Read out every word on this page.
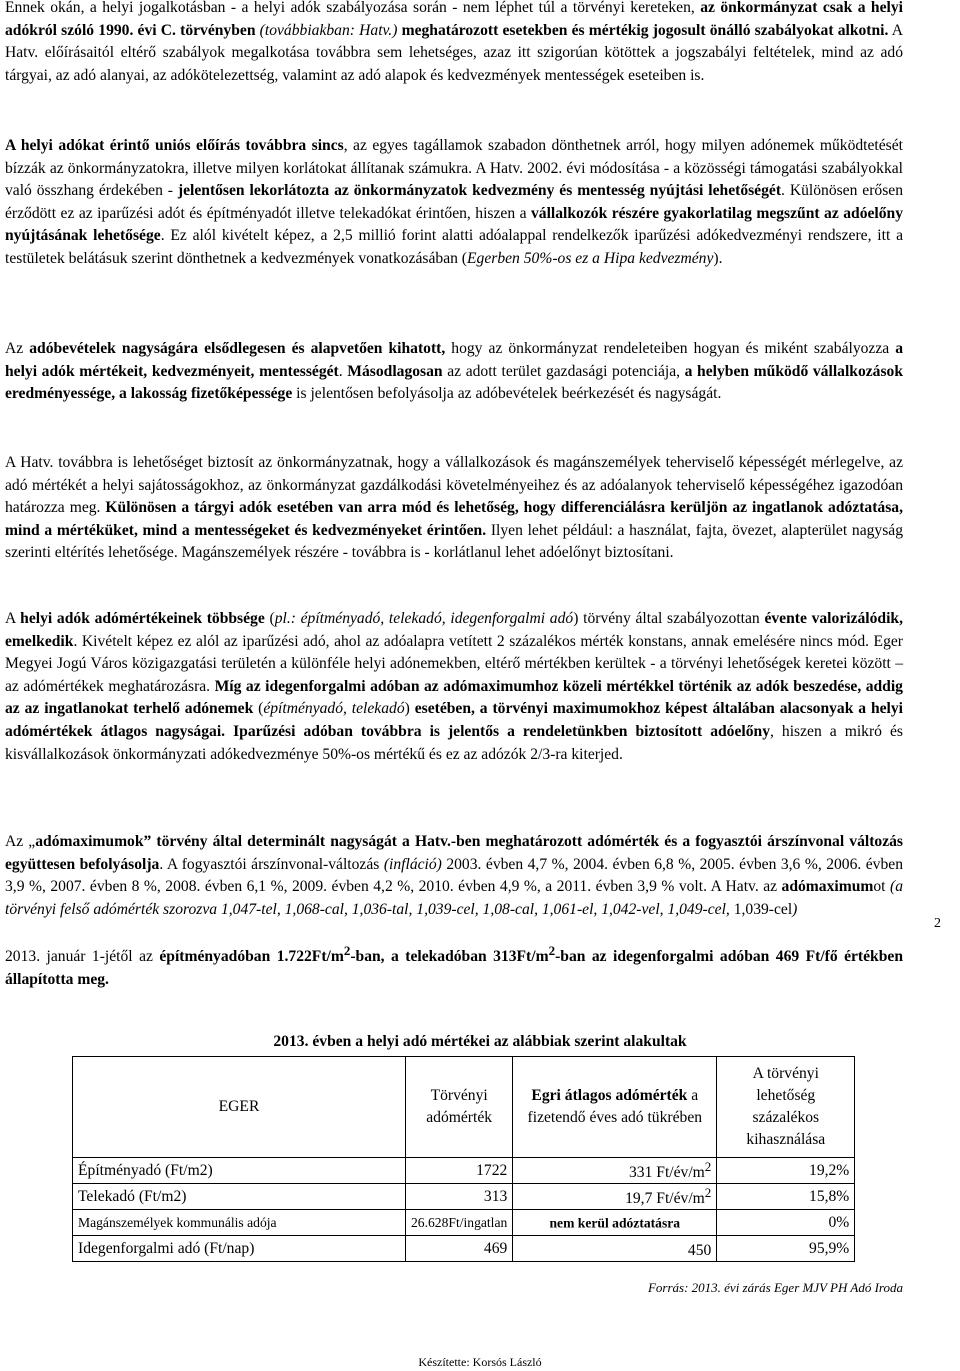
Ennek okán, a helyi jogalkotásban - a helyi adók szabályozása során - nem léphet túl a törvényi kereteken, az önkormányzat csak a helyi adókról szóló 1990. évi C. törvényben (továbbiakban: Hatv.) meghatározott esetekben és mértékig jogosult önálló szabályokat alkotni. A Hatv. előírásaitól eltérő szabályok megalkotása továbbra sem lehetséges, azaz itt szigorúan kötöttek a jogszabályi feltételek, mind az adó tárgyai, az adó alanyai, az adókötelezettség, valamint az adó alapok és kedvezmények mentességek eseteiben is.

A helyi adókat érintő uniós előírás továbbra sincs, az egyes tagállamok szabadon dönthetnek arról, hogy milyen adónemek működtetését bízzák az önkormányzatokra, illetve milyen korlátokat állítanak számukra. A Hatv. 2002. évi módosítása - a közösségi támogatási szabályokkal való összhang érdekében - jelentősen lekorlátozta az önkormányzatok kedvezmény és mentesség nyújtási lehetőségét. Különösen erősen érződött ez az iparűzési adót és építményadót illetve telekadókat érintően, hiszen a vállalkozók részére gyakorlatilag megszűnt az adóelőny nyújtásának lehetősége. Ez alól kivételt képez, a 2,5 millió forint alatti adóalappal rendelkezők iparűzési adókedvezményi rendszere, itt a testületek belátásuk szerint dönthetnek a kedvezmények vonatkozásában (Egerben 50%-os ez a Hipa kedvezmény).

Az adóbevételek nagyságára elsődlegesen és alapvetően kihatott, hogy az önkormányzat rendeleteiben hogyan és miként szabályozza a helyi adók mértékeit, kedvezményeit, mentességét. Másodlagosan az adott terület gazdasági potenciája, a helyben működő vállalkozások eredményessége, a lakosság fizetőképessége is jelentősen befolyásolja az adóbevételek beérkezését és nagyságát.

A Hatv. továbbra is lehetőséget biztosít az önkormányzatnak, hogy a vállalkozások és magánszemélyek teherviselő képességét mérlegelve, az adó mértékét a helyi sajátosságokhoz, az önkormányzat gazdálkodási követelményeihez és az adóalanyok teherviselő képességéhez igazodóan határozza meg. Különösen a tárgyi adók esetében van arra mód és lehetőség, hogy differenciálásra kerüljön az ingatlanok adóztatása, mind a mértéküket, mind a mentességeket és kedvezményeket érintően. Ilyen lehet például: a használat, fajta, övezet, alapterület nagyság szerinti eltérítés lehetősége. Magánszemélyek részére - továbbra is - korlátlanul lehet adóelőnyt biztosítani.

A helyi adók adómértékeinek többsége (pl.: építményadó, telekadó, idegenforgalmi adó) törvény által szabályozottan évente valorizálódik, emelkedik. Kivételt képez ez alól az iparűzési adó, ahol az adóalapra vetített 2 százalékos mérték konstans, annak emelésére nincs mód. Eger Megyei Jogú Város közigazgatási területén a különféle helyi adónemekben, eltérő mértékben kerültek - a törvényi lehetőségek keretei között – az adómértékek meghatározásra. Míg az idegenforgalmi adóban az adómaximumhoz közeli mértékkel történik az adók beszedése, addig az az ingatlanokat terhelő adónemek (építményadó, telekadó) esetében, a törvényi maximumokhoz képest általában alacsonyak a helyi adómértékek átlagos nagyságai. Iparűzési adóban továbbra is jelentős a rendeletünkben biztosított adóelőny, hiszen a mikró és kisvállalkozások önkormányzati adókedvezménye 50%-os mértékű és ez az adózók 2/3-ra kiterjed.

Az „adómaximumok” törvény által determinált nagyságát a Hatv.-ben meghatározott adómérték és a fogyasztói árszínvonal változás együttesen befolyásolja. A fogyasztói árszínvonal-változás (infláció) 2003. évben 4,7 %, 2004. évben 6,8 %, 2005. évben 3,6 %, 2006. évben 3,9 %, 2007. évben 8 %, 2008. évben 6,1 %, 2009. évben 4,2 %, 2010. évben 4,9 %, a 2011. évben 3,9 % volt. A Hatv. az adómaximumot (a törvényi felső adómérték szorozva 1,047-tel, 1,068-cal, 1,036-tal, 1,039-cel, 1,08-cal, 1,061-el, 1,042-vel, 1,049-cel, 1,039-cel)

2013. január 1-jétől az építményadóban $1.722Ft/m^2$-ban, a telekadóban $313Ft/m^2$-ban az idegenforgalmi adóban 469 Ft/fő értékben állapította meg.

2
2013. évben a helyi adó mértékei az alábbiak szerint alakultak
EGER	Törvényi adómérték	Egri átlagos adómérték a fizetendő éves adó tükrében	A törvényi lehetőség százalékos kihasználása
Építményadó (Ft/m2)	1722	331 $Ft/év/m^2$	19,2%
Telekadó (Ft/m2)	313	19,7 $Ft/év/m^2$	15,8%
Magánszemélyek kommunális adója	26.628Ft/ingatlan	nem kerül adóztatásra	0%
Idegenforgalmi adó (Ft/nap)	469	450	95,9%
Forrás: 2013. évi zárás Eger MJV PH Adó Iroda
Készítette: Korsós László
